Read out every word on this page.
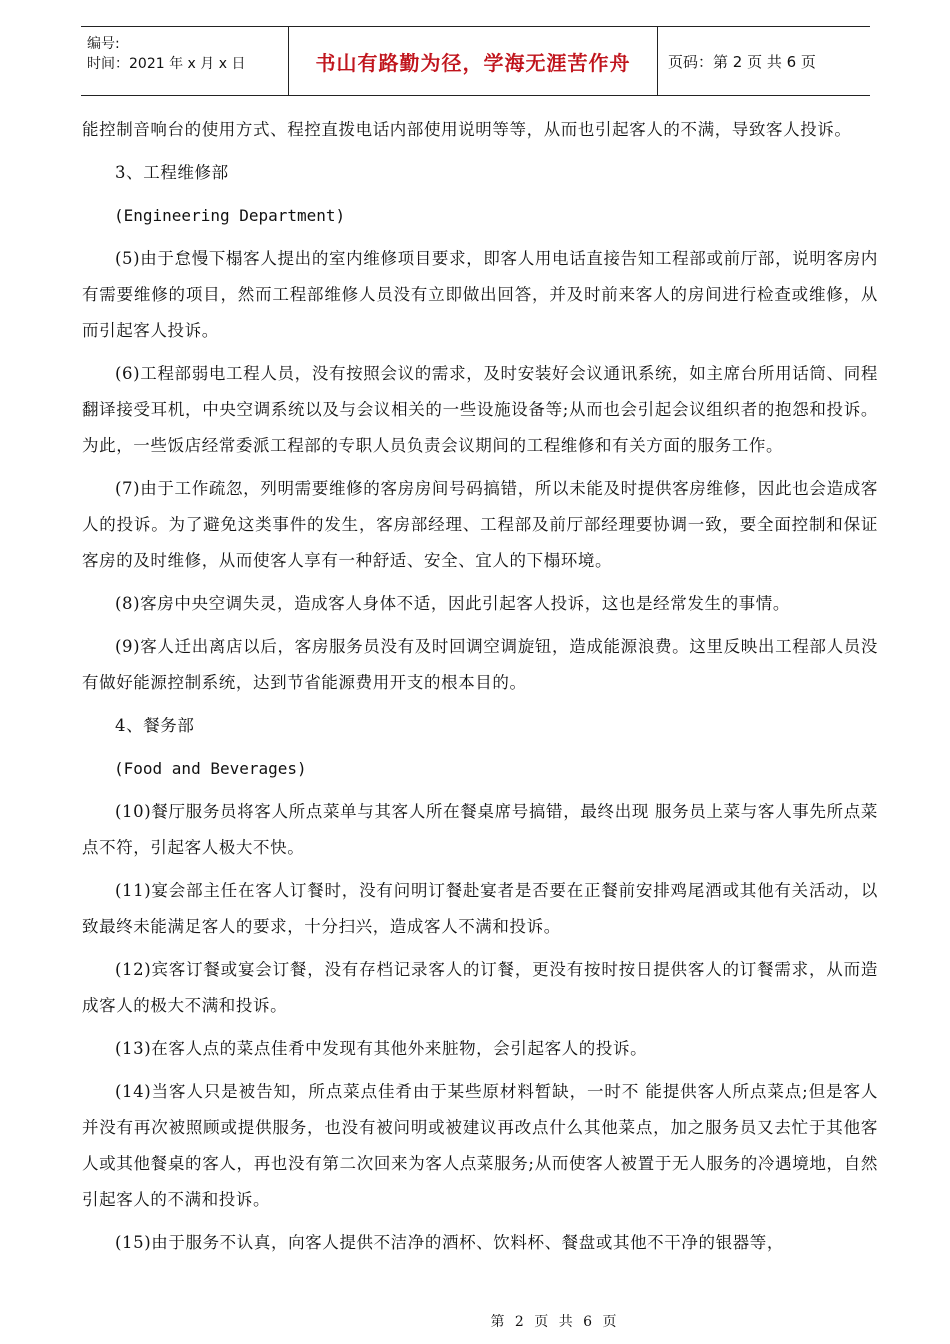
编号:
时间：2021 年 x 月 x 日	书山有路勤为径，学海无涯苦作舟	页码：第 2 页 共 6 页

能控制音响台的使用方式、程控直拨电话内部使用说明等等，从而也引起客人的不满，导致客人投诉。

3、工程维修部

(Engineering Department)

(5)由于怠慢下榻客人提出的室内维修项目要求，即客人用电话直接告知工程部或前厅部，说明客房内有需要维修的项目，然而工程部维修人员没有立即做出回答，并及时前来客人的房间进行检查或维修，从而引起客人投诉。

(6)工程部弱电工程人员，没有按照会议的需求，及时安装好会议通讯系统，如主席台所用话筒、同程翻译接受耳机，中央空调系统以及与会议相关的一些设施设备等;从而也会引起会议组织者的抱怨和投诉。为此，一些饭店经常委派工程部的专职人员负责会议期间的工程维修和有关方面的服务工作。

(7)由于工作疏忽，列明需要维修的客房房间号码搞错，所以未能及时提供客房维修，因此也会造成客人的投诉。为了避免这类事件的发生，客房部经理、工程部及前厅部经理要协调一致，要全面控制和保证客房的及时维修，从而使客人享有一种舒适、安全、宜人的下榻环境。

(8)客房中央空调失灵，造成客人身体不适，因此引起客人投诉，这也是经常发生的事情。

(9)客人迁出离店以后，客房服务员没有及时回调空调旋钮，造成能源浪费。这里反映出工程部人员没有做好能源控制系统，达到节省能源费用开支的根本目的。

4、餐务部

(Food and Beverages)

(10)餐厅服务员将客人所点菜单与其客人所在餐桌席号搞错，最终出现 服务员上菜与客人事先所点菜点不符，引起客人极大不快。

(11)宴会部主任在客人订餐时，没有问明订餐赴宴者是否要在正餐前安排鸡尾酒或其他有关活动，以致最终未能满足客人的要求，十分扫兴，造成客人不满和投诉。

(12)宾客订餐或宴会订餐，没有存档记录客人的订餐，更没有按时按日提供客人的订餐需求，从而造成客人的极大不满和投诉。

(13)在客人点的菜点佳肴中发现有其他外来脏物，会引起客人的投诉。

(14)当客人只是被告知，所点菜点佳肴由于某些原材料暂缺，一时不 能提供客人所点菜点;但是客人并没有再次被照顾或提供服务，也没有被问明或被建议再改点什么其他菜点，加之服务员又去忙于其他客人或其他餐桌的客人，再也没有第二次回来为客人点菜服务;从而使客人被置于无人服务的冷遇境地，自然引起客人的不满和投诉。

(15)由于服务不认真，向客人提供不洁净的酒杯、饮料杯、餐盘或其他不干净的银器等，

第 2 页 共 6 页
